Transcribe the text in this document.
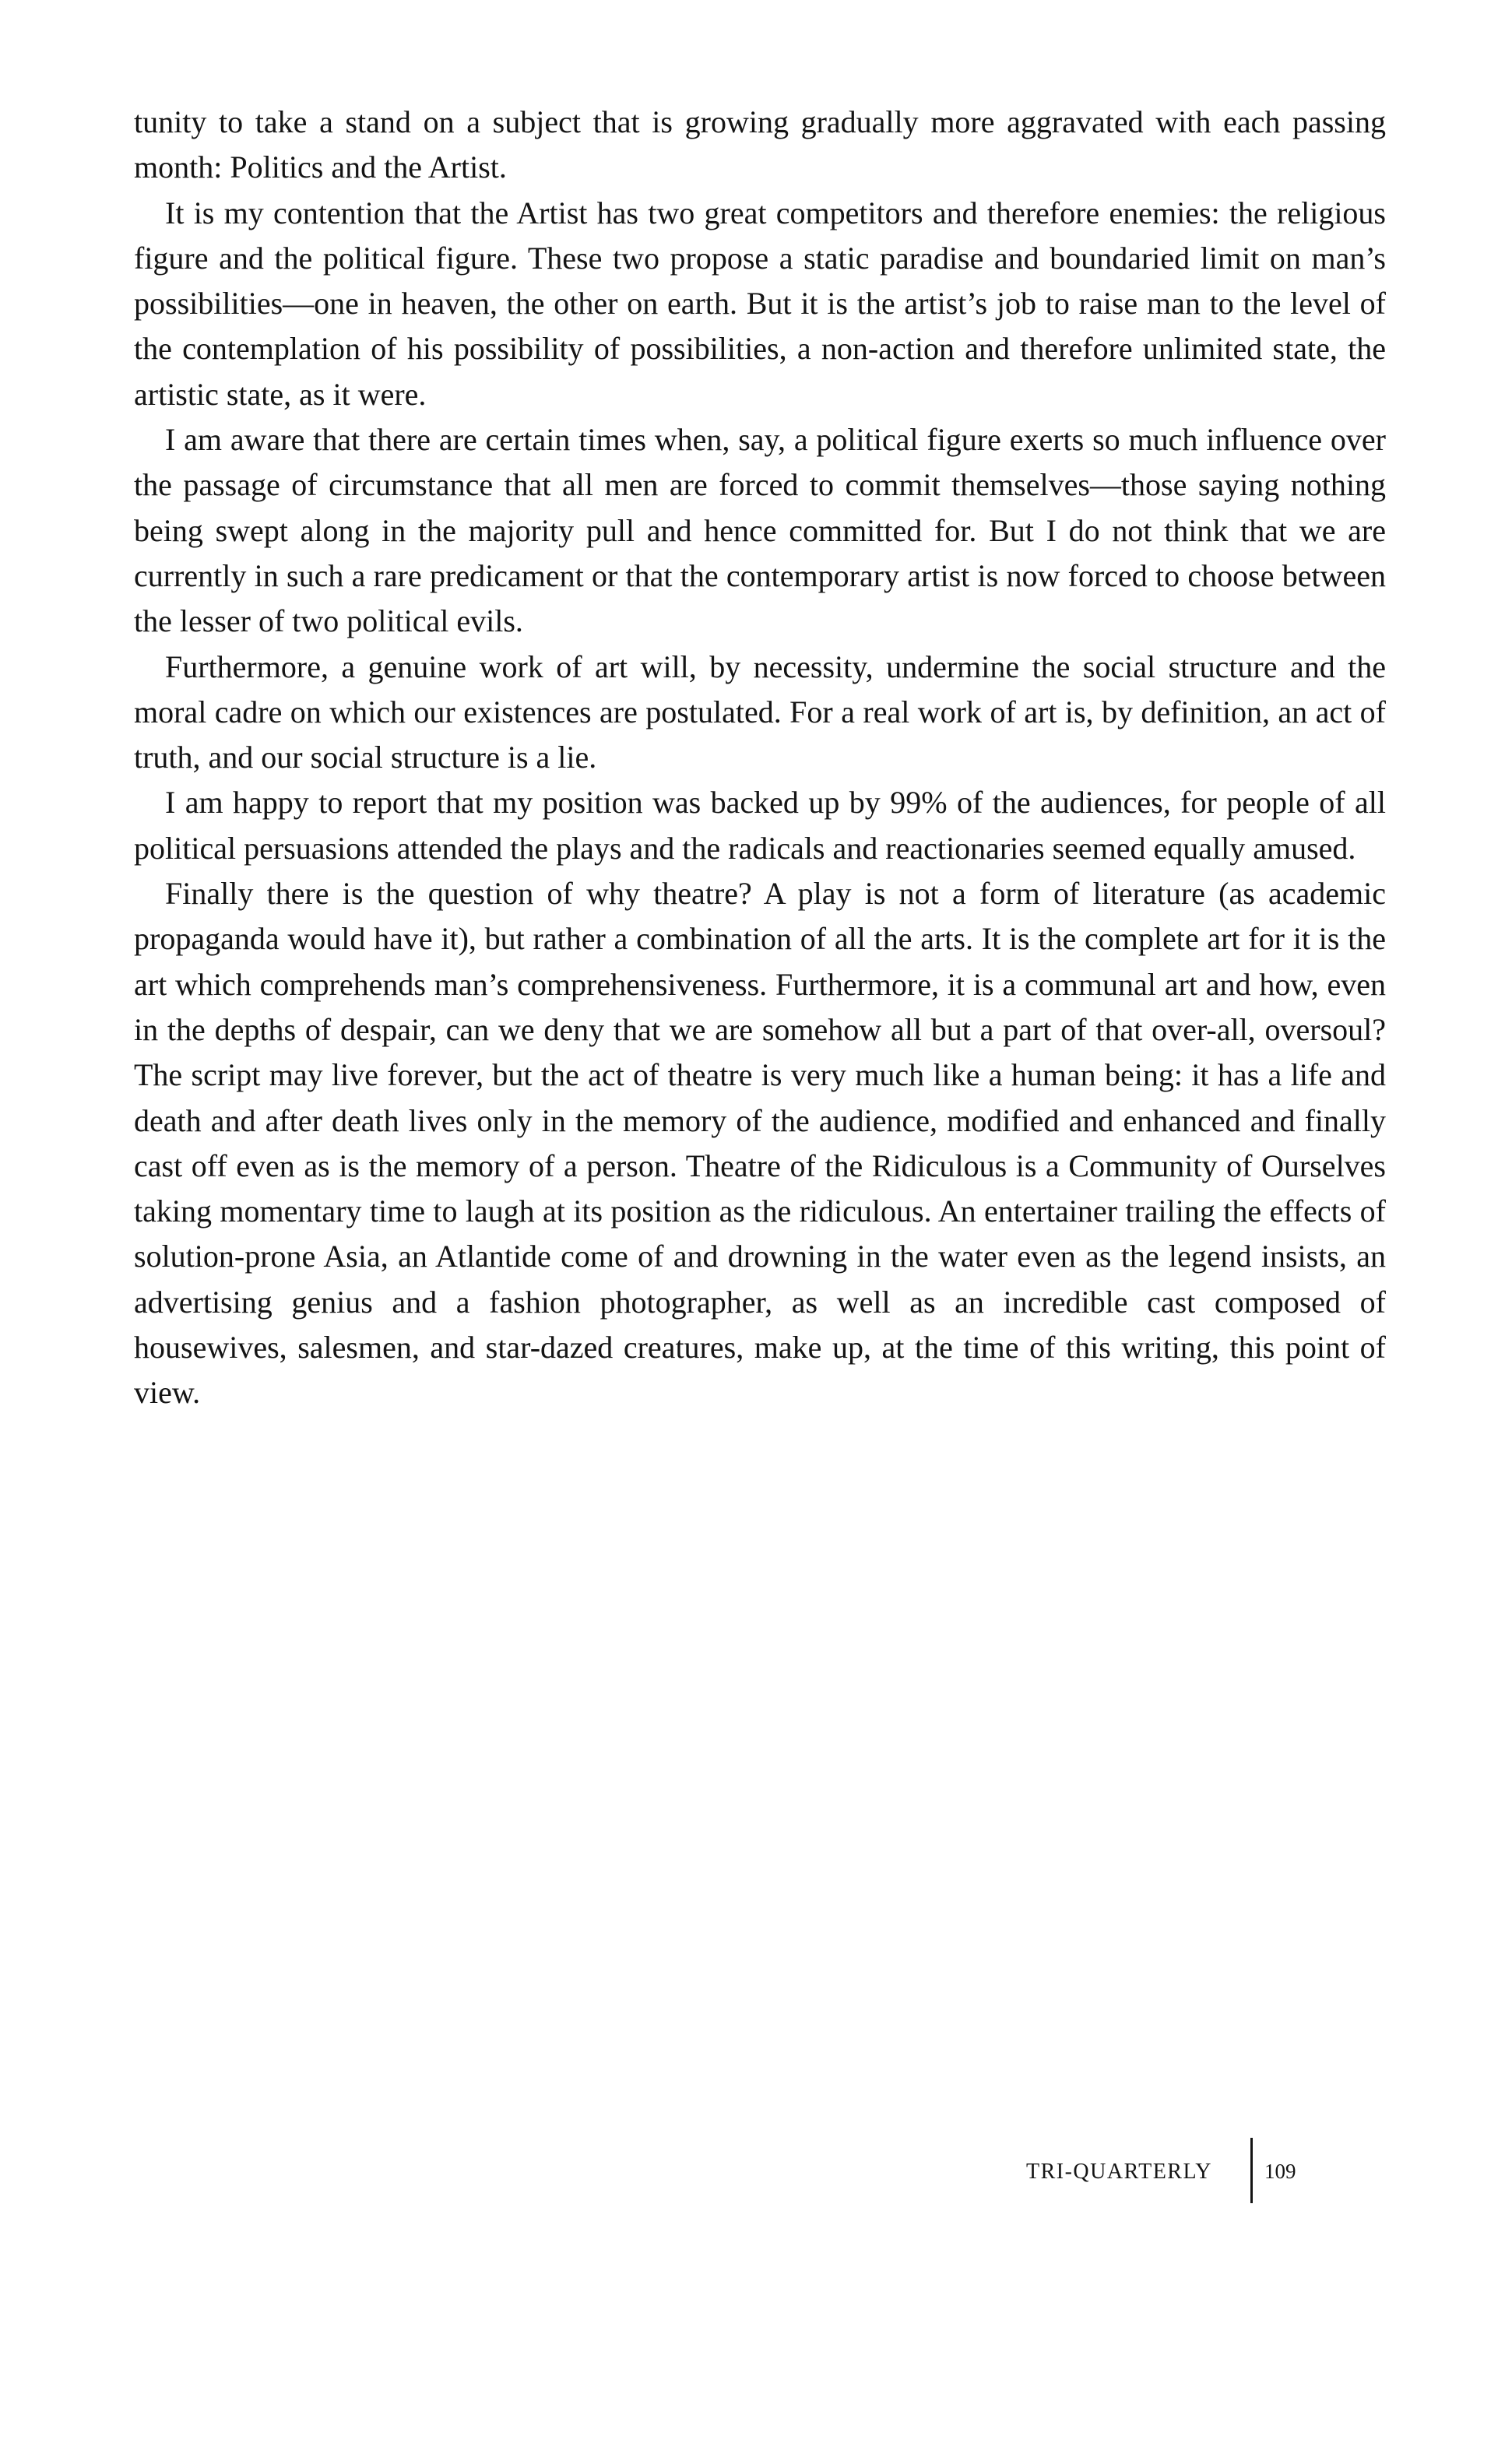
tunity to take a stand on a subject that is growing gradually more aggravated with each passing month: Politics and the Artist.

It is my contention that the Artist has two great competitors and therefore enemies: the religious figure and the political figure. These two propose a static paradise and boundaried limit on man’s possibilities—one in heaven, the other on earth. But it is the artist’s job to raise man to the level of the contemplation of his possibility of possibilities, a non-action and therefore unlimited state, the artistic state, as it were.

I am aware that there are certain times when, say, a political figure exerts so much influence over the passage of circumstance that all men are forced to commit themselves—those saying nothing being swept along in the majority pull and hence committed for. But I do not think that we are currently in such a rare predicament or that the contemporary artist is now forced to choose between the lesser of two political evils.

Furthermore, a genuine work of art will, by necessity, undermine the social structure and the moral cadre on which our existences are postulated. For a real work of art is, by definition, an act of truth, and our social structure is a lie.

I am happy to report that my position was backed up by 99% of the audiences, for people of all political persuasions attended the plays and the radicals and reactionaries seemed equally amused.

Finally there is the question of why theatre? A play is not a form of literature (as academic propaganda would have it), but rather a combination of all the arts. It is the complete art for it is the art which comprehends man’s comprehensiveness. Furthermore, it is a communal art and how, even in the depths of despair, can we deny that we are somehow all but a part of that over-all, oversoul? The script may live forever, but the act of theatre is very much like a human being: it has a life and death and after death lives only in the memory of the audience, modified and enhanced and finally cast off even as is the memory of a person. Theatre of the Ridiculous is a Community of Ourselves taking momentary time to laugh at its position as the ridiculous. An entertainer trailing the effects of solution-prone Asia, an Atlantide come of and drowning in the water even as the legend insists, an advertising genius and a fashion photographer, as well as an incredible cast composed of housewives, salesmen, and star-dazed creatures, make up, at the time of this writing, this point of view.

TRI-QUARTERLY 109
